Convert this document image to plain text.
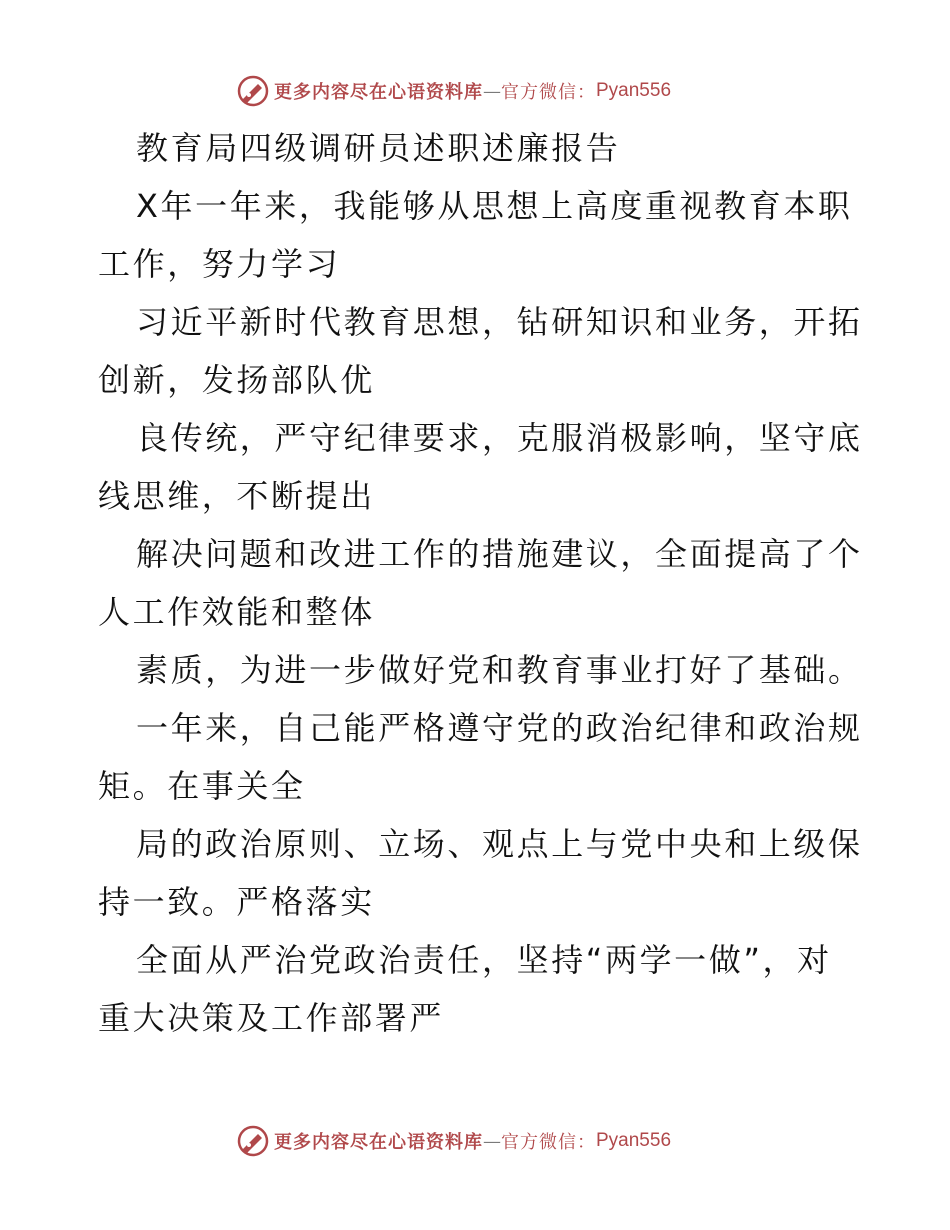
更多内容尽在心语资料库 — 官方微信： Pyan556
教育局四级调研员述职述廉报告
X年一年来，我能够从思想上高度重视教育本职
工作，努力学习
习近平新时代教育思想，钻研知识和业务，开拓
创新，发扬部队优
良传统，严守纪律要求，克服消极影响，坚守底
线思维，不断提出
解决问题和改进工作的措施建议，全面提高了个
人工作效能和整体
素质，为进一步做好党和教育事业打好了基础。
一年来，自己能严格遵守党的政治纪律和政治规
矩。在事关全
局的政治原则、立场、观点上与党中央和上级保
持一致。严格落实
全面从严治党政治责任，坚持“两学一做”，对
重大决策及工作部署严
更多内容尽在心语资料库 — 官方微信： Pyan556
